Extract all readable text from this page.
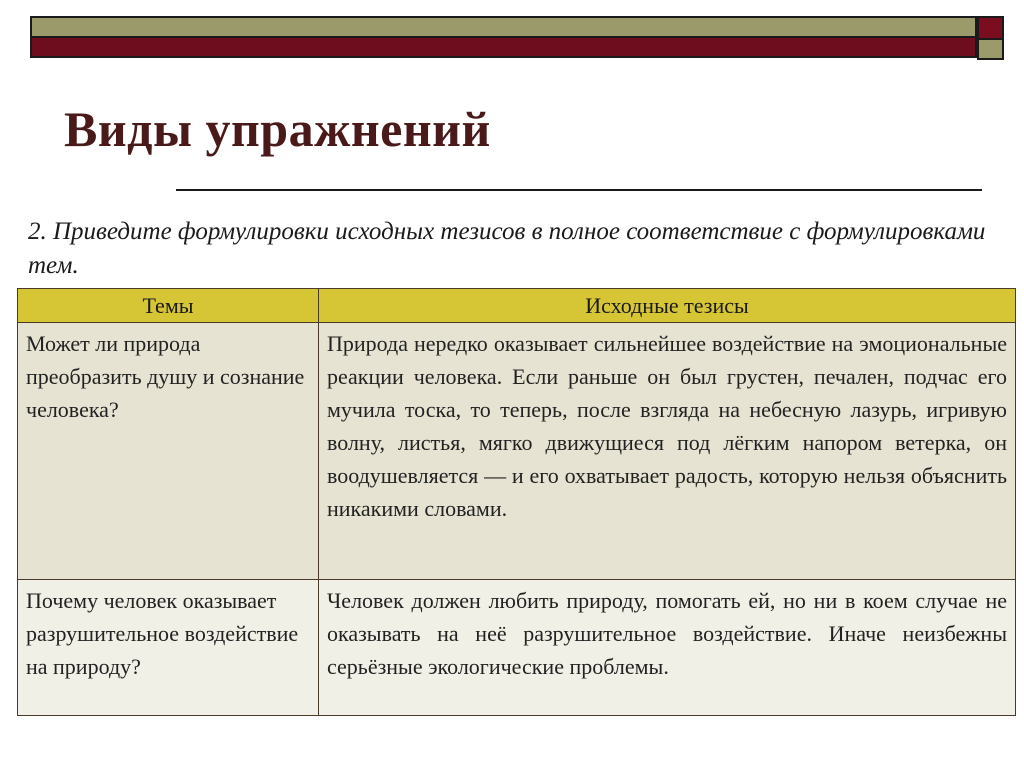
Виды упражнений
2. Приведите формулировки исходных тезисов в полное соответствие с формулировками тем.
Темы	Исходные тезисы
Может ли природа преобразить душу и сознание человека?	Природа нередко оказывает сильнейшее воздействие на эмоциональные реакции человека. Если раньше он был грустен, печален, подчас его мучила тоска, то теперь, после взгляда на небесную лазурь, игривую волну, листья, мягко движущиеся под лёгким напором ветерка, он воодушевляется — и его охватывает радость, которую нельзя объяснить никакими словами.
Почему человек оказывает разрушительное воздействие на природу?	Человек должен любить природу, помогать ей, но ни в коем случае не оказывать на неё разрушительное воздействие. Иначе неизбежны серьёзные экологические проблемы.
